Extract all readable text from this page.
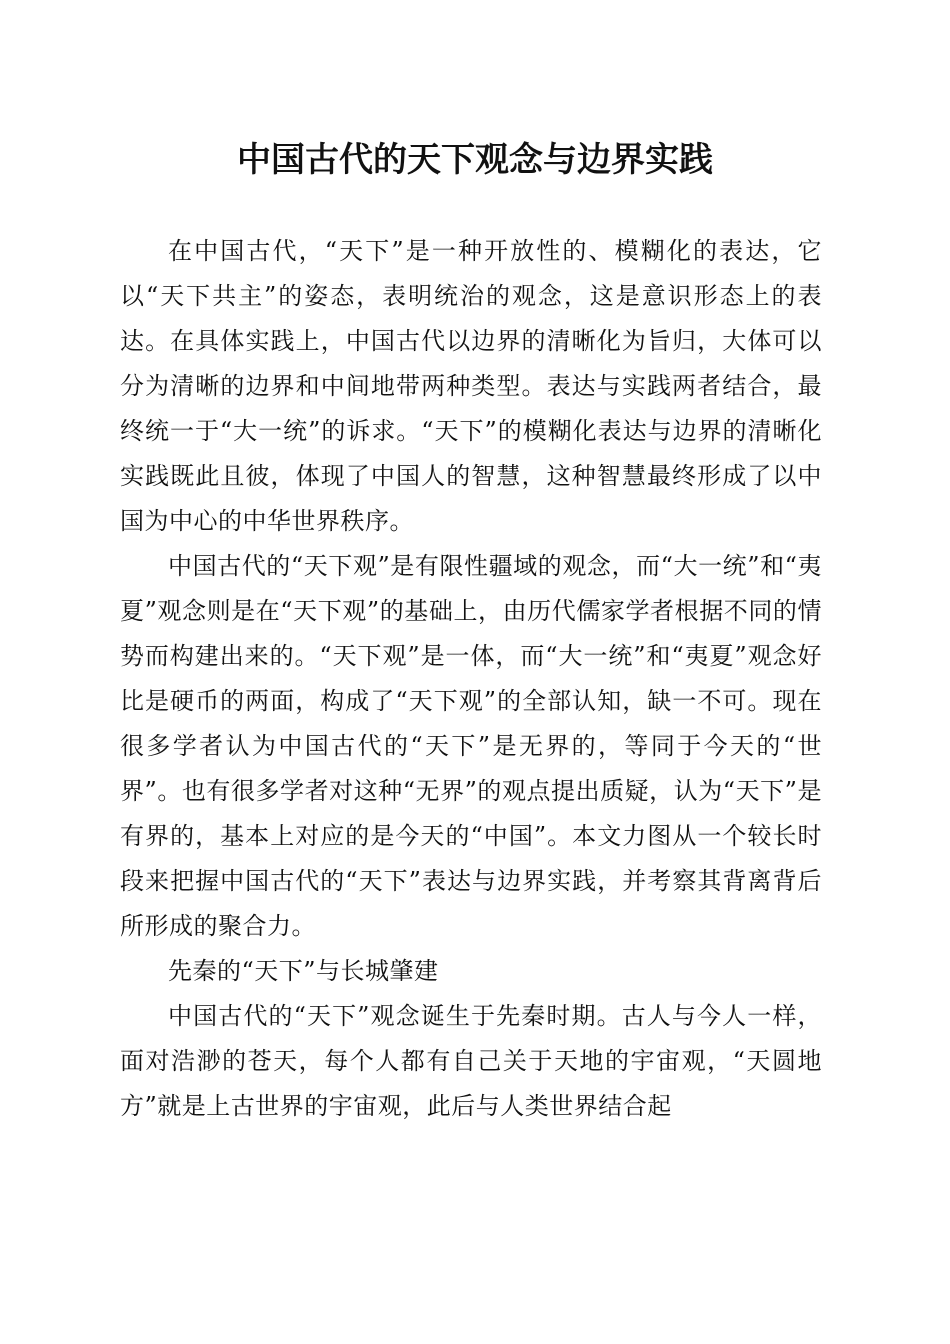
中国古代的天下观念与边界实践

在中国古代，“天下”是一种开放性的、模糊化的表达，它以“天下共主”的姿态，表明统治的观念，这是意识形态上的表达。在具体实践上，中国古代以边界的清晰化为旨归，大体可以分为清晰的边界和中间地带两种类型。表达与实践两者结合，最终统一于“大一统”的诉求。“天下”的模糊化表达与边界的清晰化实践既此且彼，体现了中国人的智慧，这种智慧最终形成了以中国为中心的中华世界秩序。

中国古代的“天下观”是有限性疆域的观念，而“大一统”和“夷夏”观念则是在“天下观”的基础上，由历代儒家学者根据不同的情势而构建出来的。“天下观”是一体，而“大一统”和“夷夏”观念好比是硬币的两面，构成了“天下观”的全部认知，缺一不可。现在很多学者认为中国古代的“天下”是无界的，等同于今天的“世界”。也有很多学者对这种“无界”的观点提出质疑，认为“天下”是有界的，基本上对应的是今天的“中国”。本文力图从一个较长时段来把握中国古代的“天下”表达与边界实践，并考察其背离背后所形成的聚合力。

先秦的“天下”与长城肇建

中国古代的“天下”观念诞生于先秦时期。古人与今人一样，面对浩渺的苍天，每个人都有自己关于天地的宇宙观，“天圆地方”就是上古世界的宇宙观，此后与人类世界结合起
